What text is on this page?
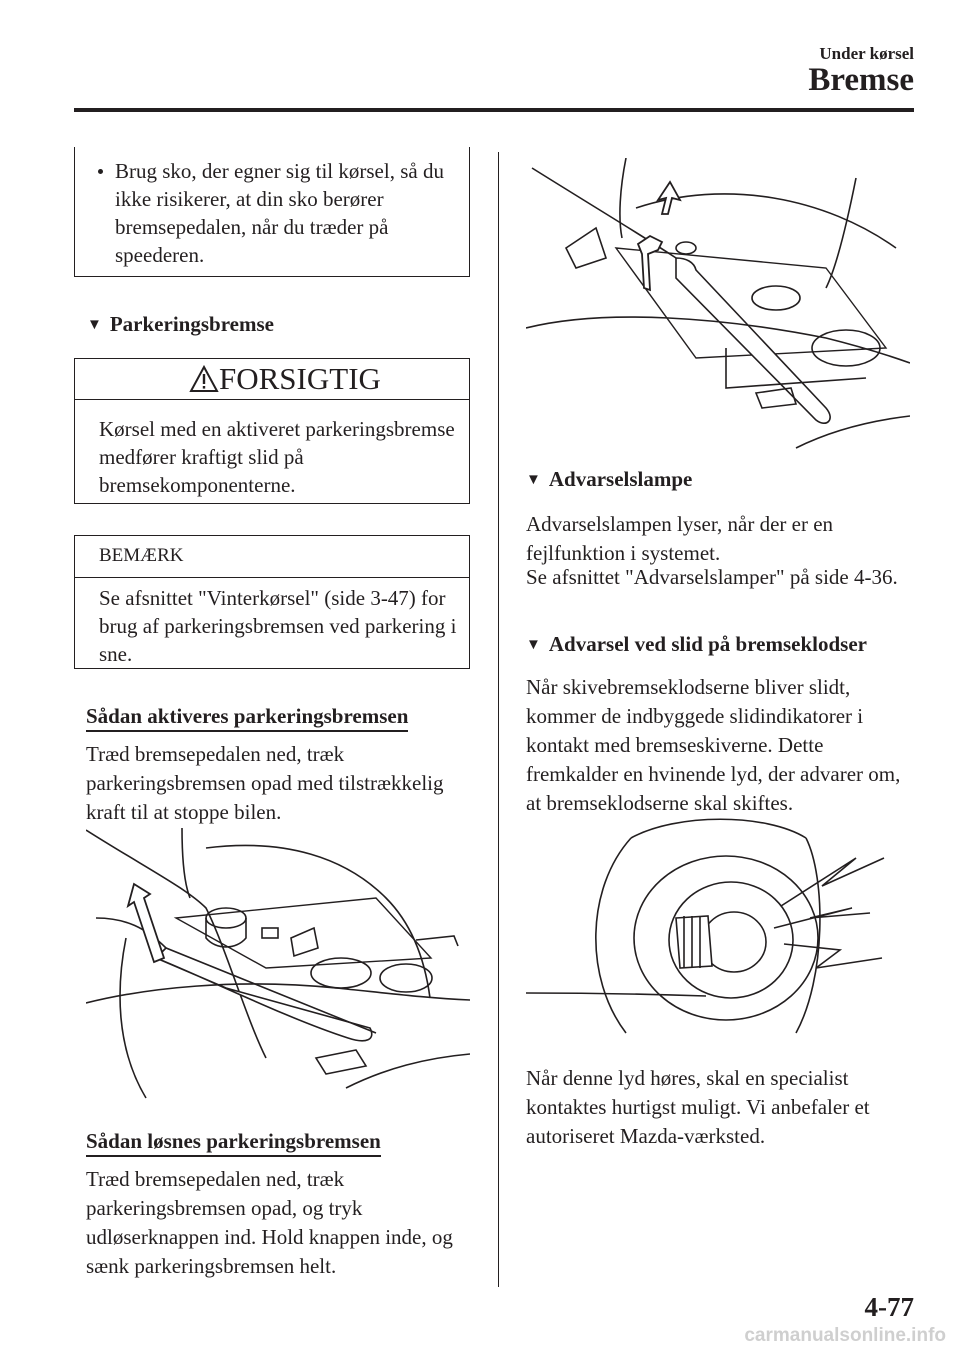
Under kørsel
Bremse
Brug sko, der egner sig til kørsel, så du ikke risikerer, at din sko berører bremsepedalen, når du træder på speederen.
▼ Parkeringsbremse
FORSIGTIG
Kørsel med en aktiveret parkeringsbremse medfører kraftigt slid på bremsekomponenterne.
BEMÆRK
Se afsnittet "Vinterkørsel" (side 3-47) for brug af parkeringsbremsen ved parkering i sne.
Sådan aktiveres parkeringsbremsen
Træd bremsepedalen ned, træk parkeringsbremsen opad med tilstrækkelig kraft til at stoppe bilen.
Sådan løsnes parkeringsbremsen
Træd bremsepedalen ned, træk parkeringsbremsen opad, og tryk udløserknappen ind. Hold knappen inde, og sænk parkeringsbremsen helt.
▼ Advarselslampe
Advarselslampen lyser, når der er en fejlfunktion i systemet.
Se afsnittet "Advarselslamper" på side 4-36.
▼ Advarsel ved slid på bremseklodser
Når skivebremseklodserne bliver slidt, kommer de indbyggede slidindikatorer i kontakt med bremseskiverne. Dette fremkalder en hvinende lyd, der advarer om, at bremseklodserne skal skiftes.
Når denne lyd høres, skal en specialist kontaktes hurtigst muligt. Vi anbefaler et autoriseret Mazda-værksted.
4-77
carmanualsonline.info
